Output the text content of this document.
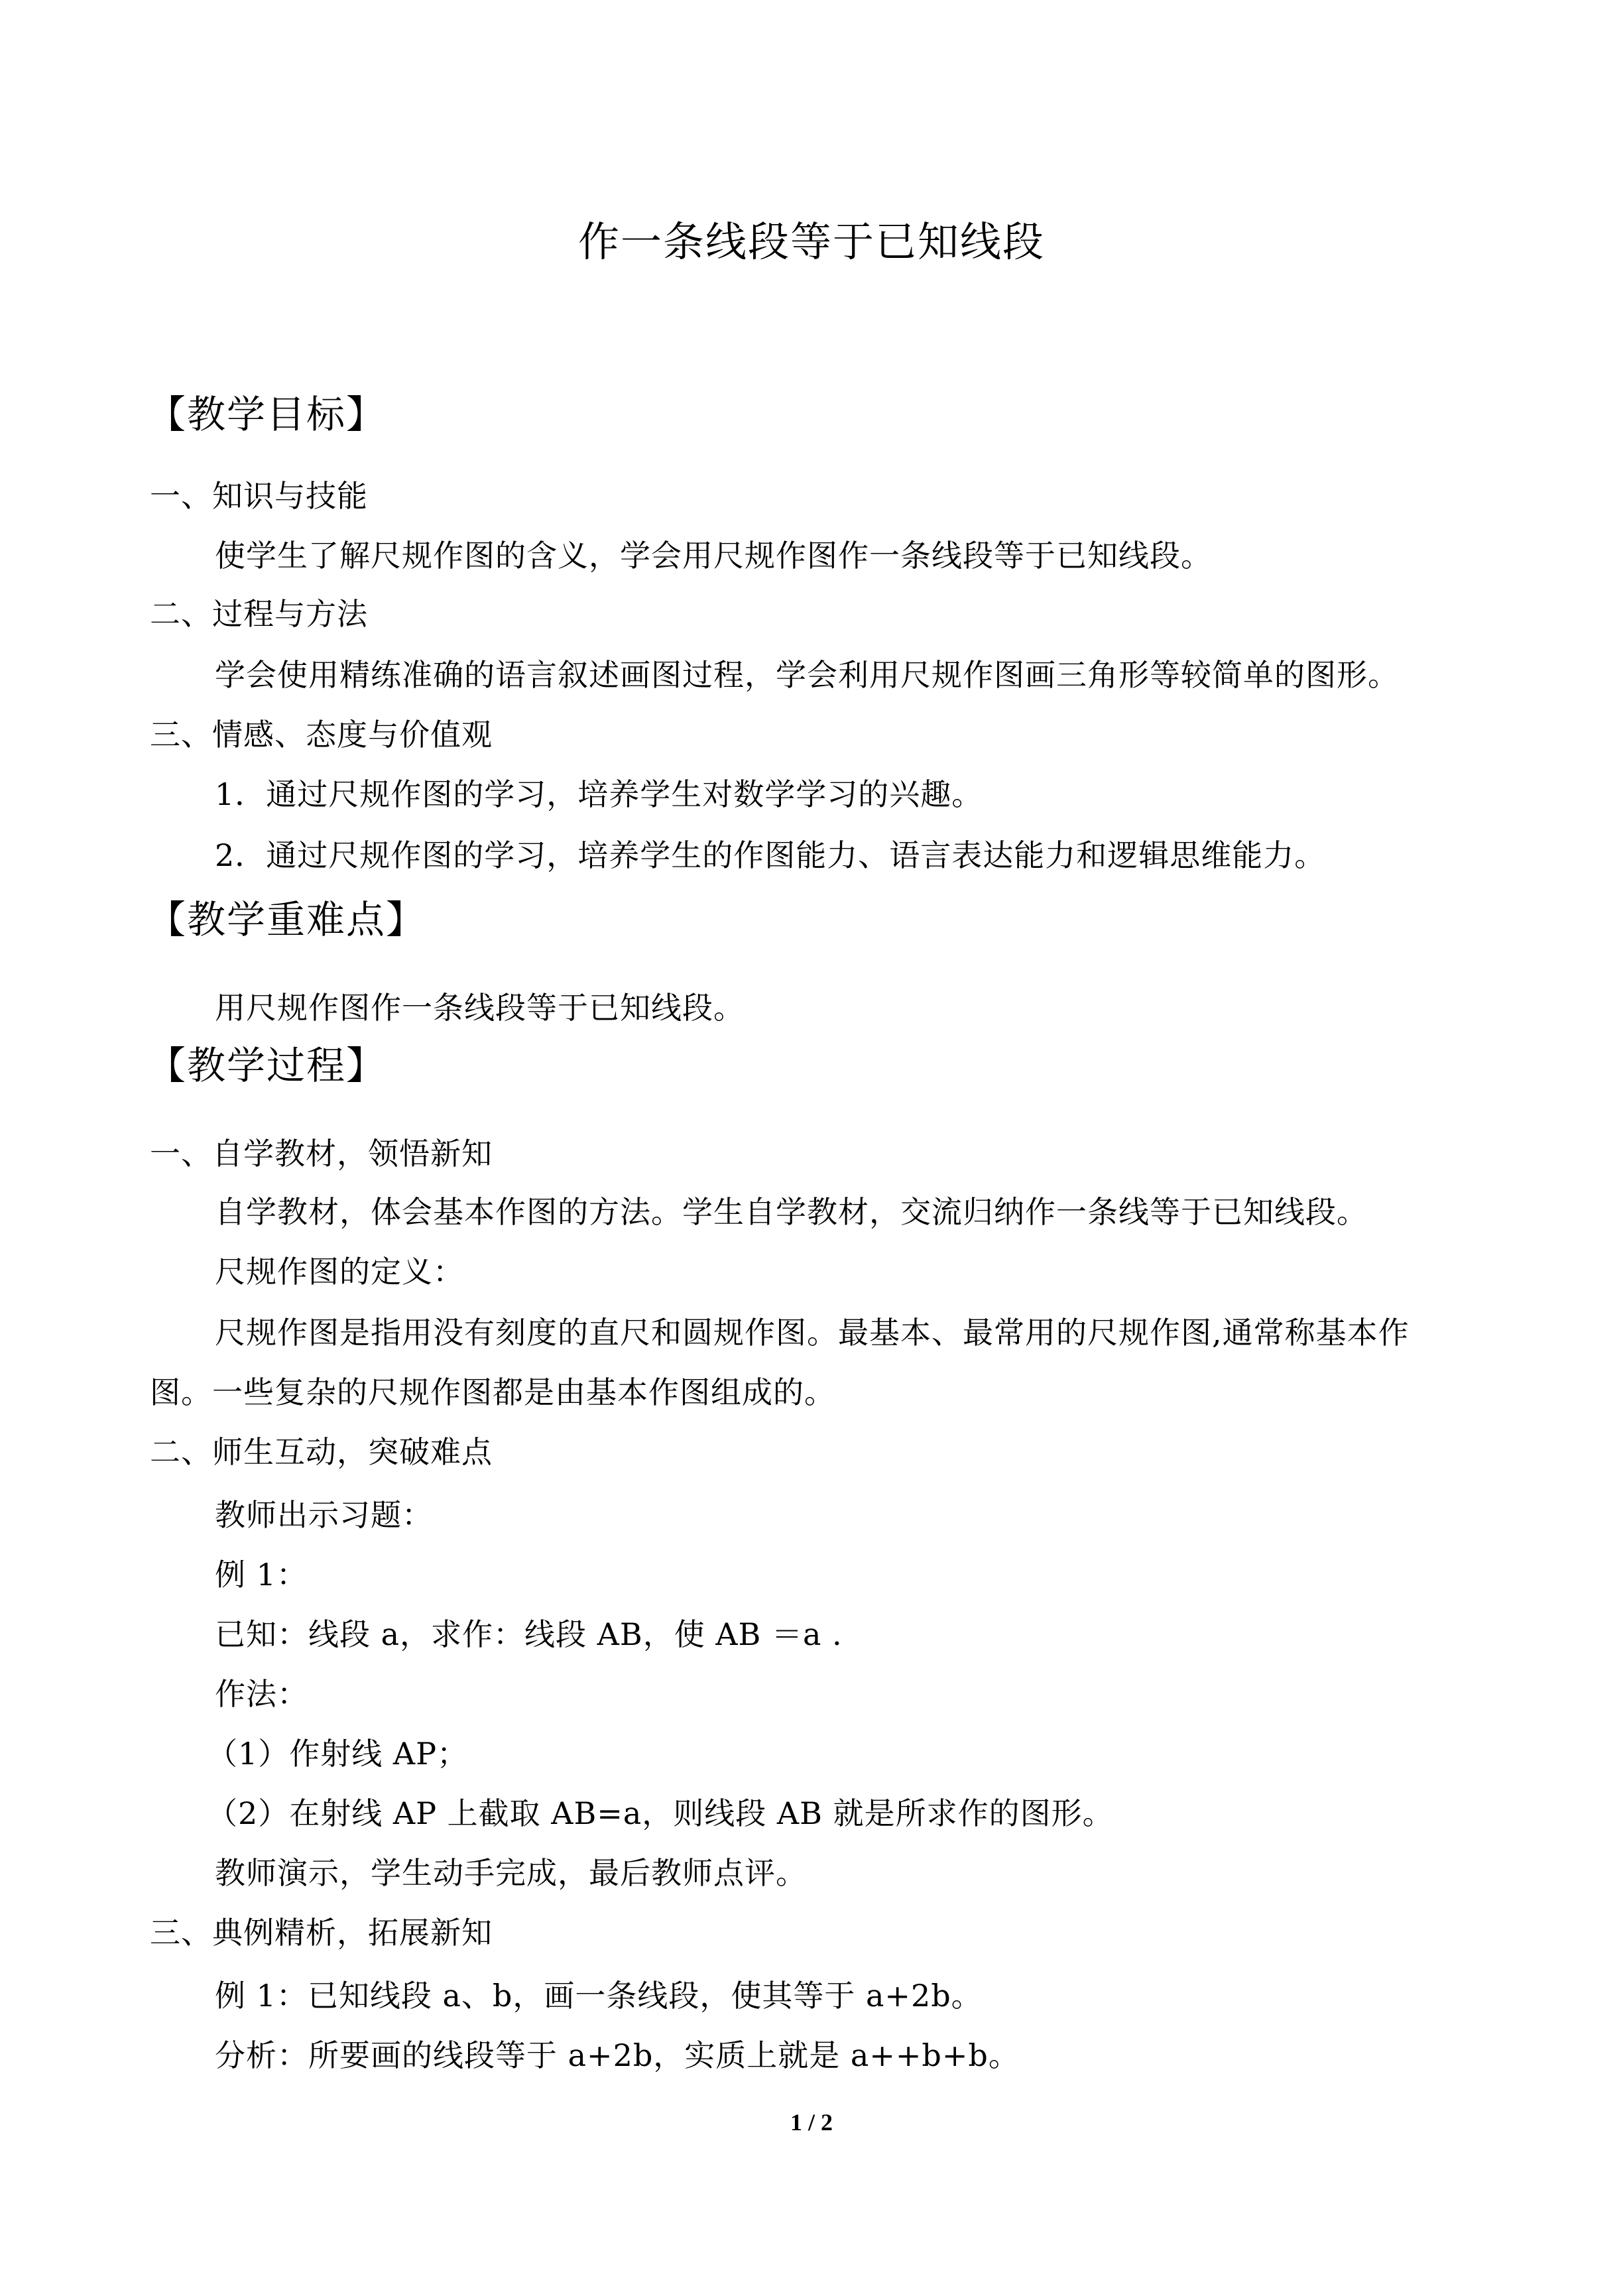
作一条线段等于已知线段
【教学目标】
一、知识与技能
使学生了解尺规作图的含义，学会用尺规作图作一条线段等于已知线段。
二、过程与方法
学会使用精练准确的语言叙述画图过程，学会利用尺规作图画三角形等较简单的图形。
三、情感、态度与价值观
1．通过尺规作图的学习，培养学生对数学学习的兴趣。
2．通过尺规作图的学习，培养学生的作图能力、语言表达能力和逻辑思维能力。
【教学重难点】
用尺规作图作一条线段等于已知线段。
【教学过程】
一、自学教材，领悟新知
自学教材，体会基本作图的方法。学生自学教材，交流归纳作一条线等于已知线段。
尺规作图的定义：
尺规作图是指用没有刻度的直尺和圆规作图。最基本、最常用的尺规作图,通常称基本作
图。一些复杂的尺规作图都是由基本作图组成的。
二、师生互动，突破难点
教师出示习题：
例 1：
已知：线段 a，求作：线段 AB，使 AB ＝a .
作法：
（1）作射线 AP；
（2）在射线 AP 上截取 AB=a，则线段 AB 就是所求作的图形。
教师演示，学生动手完成，最后教师点评。
三、典例精析，拓展新知
例 1：已知线段 a、b，画一条线段，使其等于 a+2b。
分析：所要画的线段等于 a+2b，实质上就是 a++b+b。
1 / 2
